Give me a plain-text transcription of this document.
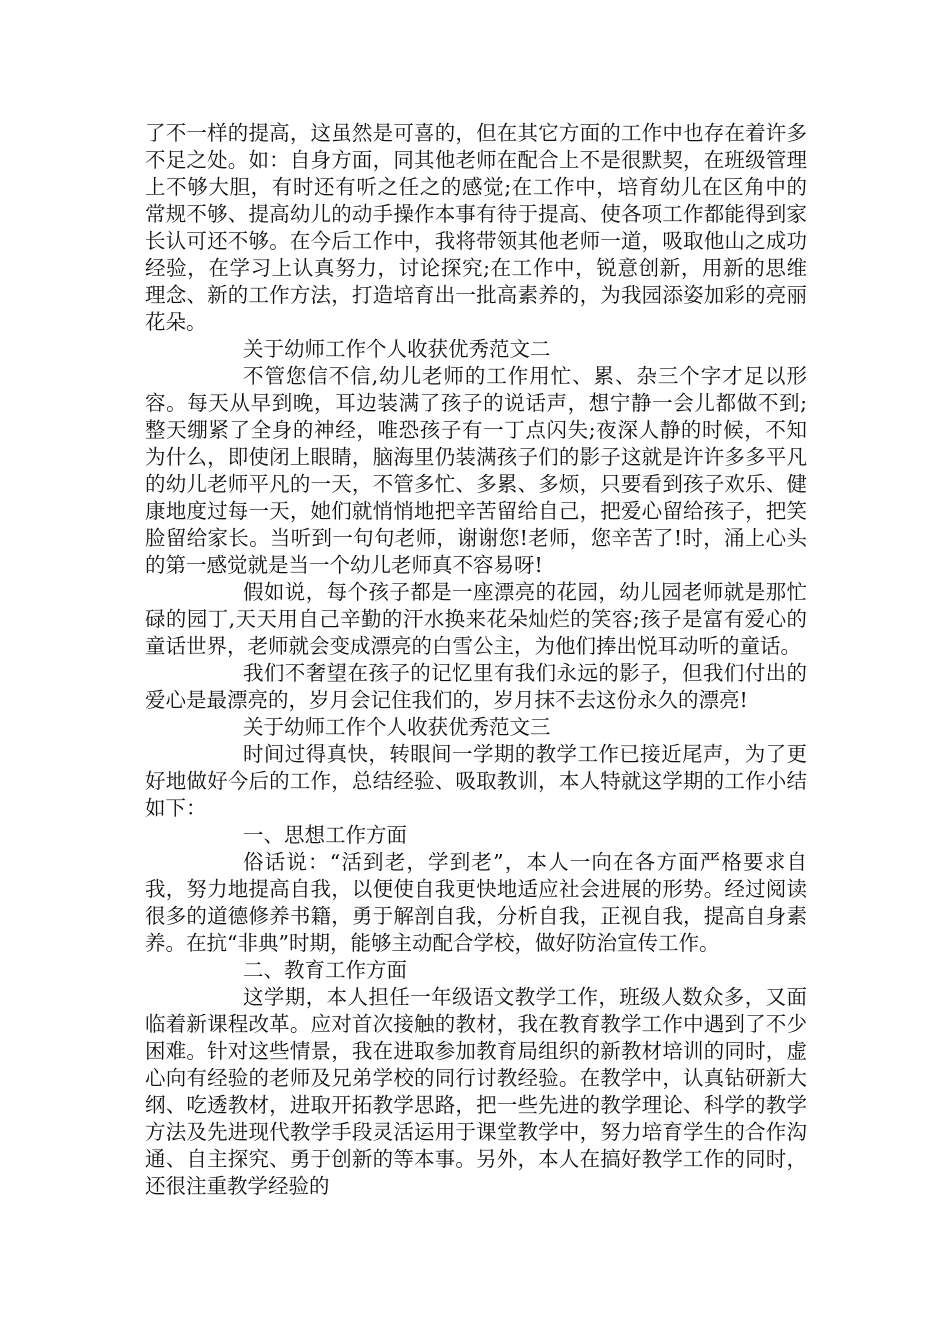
了不一样的提高，这虽然是可喜的，但在其它方面的工作中也存在着许多不足之处。如：自身方面，同其他老师在配合上不是很默契，在班级管理上不够大胆，有时还有听之任之的感觉;在工作中，培育幼儿在区角中的常规不够、提高幼儿的动手操作本事有待于提高、使各项工作都能得到家长认可还不够。在今后工作中，我将带领其他老师一道，吸取他山之成功经验，在学习上认真努力，讨论探究;在工作中，锐意创新，用新的思维理念、新的工作方法，打造培育出一批高素养的，为我园添姿加彩的亮丽花朵。

关于幼师工作个人收获优秀范文二

不管您信不信,幼儿老师的工作用忙、累、杂三个字才足以形容。每天从早到晚，耳边装满了孩子的说话声，想宁静一会儿都做不到;整天绷紧了全身的神经，唯恐孩子有一丁点闪失;夜深人静的时候，不知为什么，即使闭上眼睛，脑海里仍装满孩子们的影子这就是许许多多平凡的幼儿老师平凡的一天，不管多忙、多累、多烦，只要看到孩子欢乐、健康地度过每一天，她们就悄悄地把辛苦留给自己，把爱心留给孩子，把笑脸留给家长。当听到一句句老师，谢谢您!老师，您辛苦了!时，涌上心头的第一感觉就是当一个幼儿老师真不容易呀!

假如说，每个孩子都是一座漂亮的花园，幼儿园老师就是那忙碌的园丁,天天用自己辛勤的汗水换来花朵灿烂的笑容;孩子是富有爱心的童话世界，老师就会变成漂亮的白雪公主，为他们捧出悦耳动听的童话。

我们不奢望在孩子的记忆里有我们永远的影子，但我们付出的爱心是最漂亮的，岁月会记住我们的，岁月抹不去这份永久的漂亮!

关于幼师工作个人收获优秀范文三

时间过得真快，转眼间一学期的教学工作已接近尾声，为了更好地做好今后的工作，总结经验、吸取教训，本人特就这学期的工作小结如下：

一、思想工作方面

俗话说：“活到老，学到老”，本人一向在各方面严格要求自我，努力地提高自我，以便使自我更快地适应社会进展的形势。经过阅读很多的道德修养书籍，勇于解剖自我，分析自我，正视自我，提高自身素养。在抗“非典”时期，能够主动配合学校，做好防治宣传工作。

二、教育工作方面

这学期，本人担任一年级语文教学工作，班级人数众多，又面临着新课程改革。应对首次接触的教材，我在教育教学工作中遇到了不少困难。针对这些情景，我在进取参加教育局组织的新教材培训的同时，虚心向有经验的老师及兄弟学校的同行讨教经验。在教学中，认真钻研新大纲、吃透教材，进取开拓教学思路，把一些先进的教学理论、科学的教学方法及先进现代教学手段灵活运用于课堂教学中，努力培育学生的合作沟通、自主探究、勇于创新的等本事。另外，本人在搞好教学工作的同时，还很注重教学经验的
